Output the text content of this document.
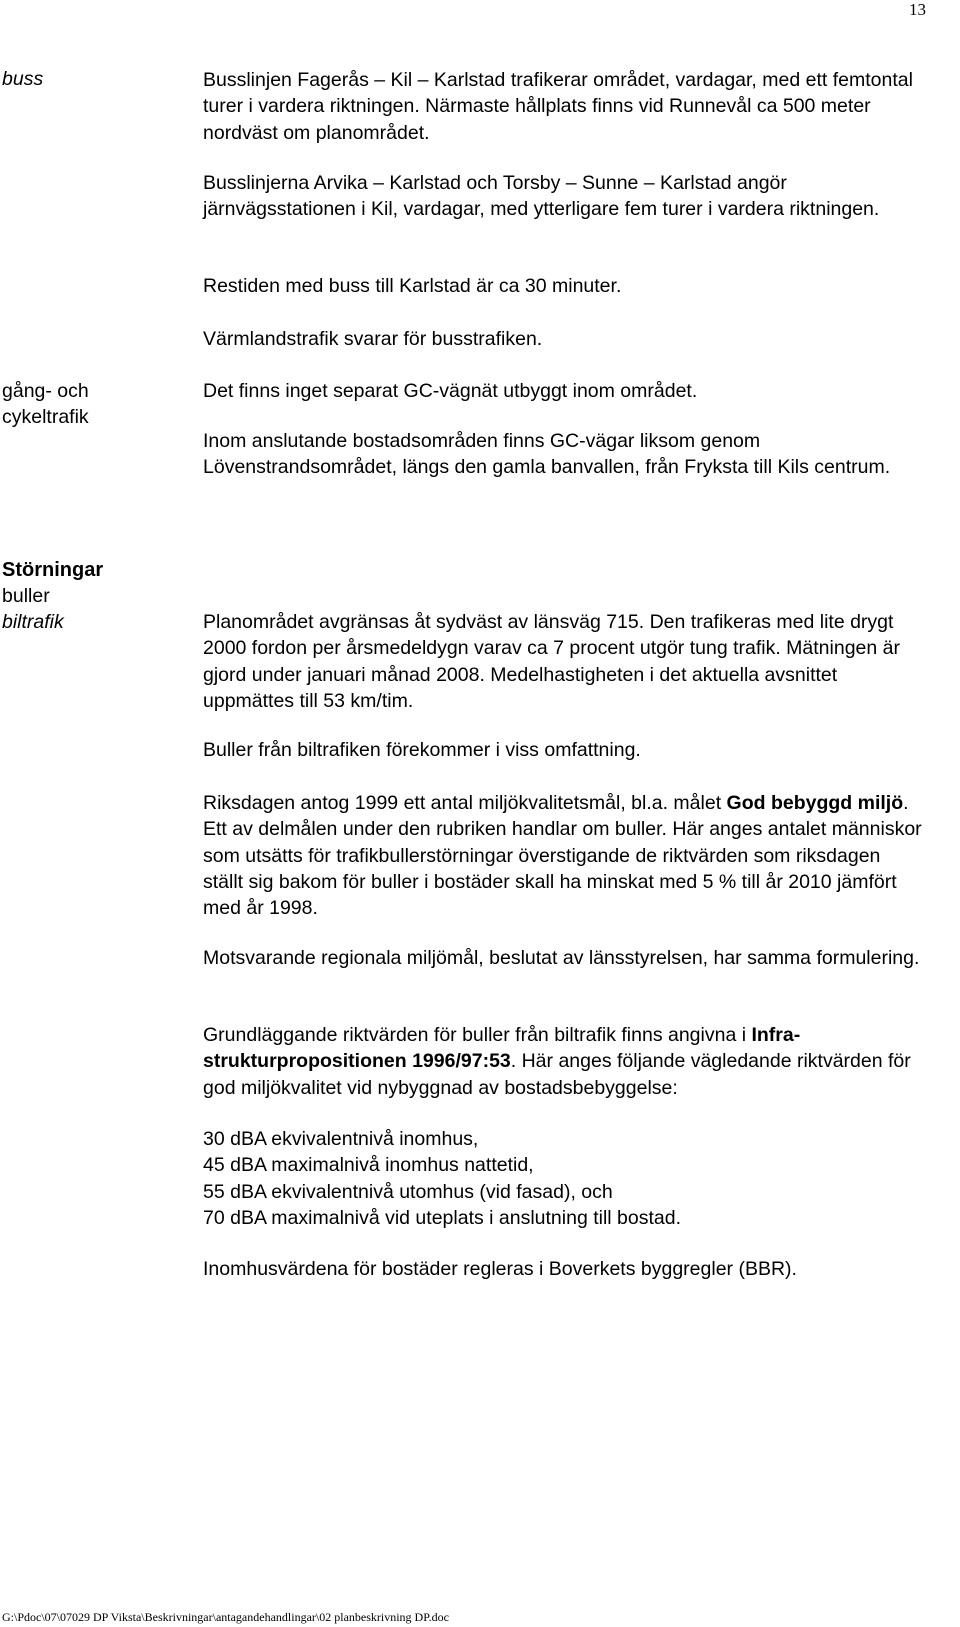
13
buss
gång- och
cykeltrafik
Störningar
buller
biltrafik

Busslinjen Fagerås – Kil – Karlstad trafikerar området, vardagar, med ett femtontal turer i vardera riktningen. Närmaste hållplats finns vid Runnevål ca 500 meter nordväst om planområdet.

Busslinjerna Arvika – Karlstad och Torsby – Sunne – Karlstad angör järnvägsstationen i Kil, vardagar, med ytterligare fem turer i vardera riktningen.

Restiden med buss till Karlstad är ca 30 minuter.

Värmlandstrafik svarar för busstrafiken.

Det finns inget separat GC-vägnät utbyggt inom området.

Inom anslutande bostadsområden finns GC-vägar liksom genom Lövenstrandsområdet, längs den gamla banvallen, från Fryksta till Kils centrum.

Planområdet avgränsas åt sydväst av länsväg 715. Den trafikeras med lite drygt 2000 fordon per årsmedeldygn varav ca 7 procent utgör tung trafik. Mätningen är gjord under januari månad 2008. Medelhastigheten i det aktuella avsnittet uppmättes till 53 km/tim.

Buller från biltrafiken förekommer i viss omfattning.

Riksdagen antog 1999 ett antal miljökvalitetsmål, bl.a. målet God bebyggd miljö. Ett av delmålen under den rubriken handlar om buller. Här anges antalet människor som utsätts för trafikbullerstörningar överstigande de riktvärden som riksdagen ställt sig bakom för buller i bostäder skall ha minskat med 5 % till år 2010 jämfört med år 1998.

Motsvarande regionala miljömål, beslutat av länsstyrelsen, har samma formulering.

Grundläggande riktvärden för buller från biltrafik finns angivna i Infrastrukturpropositionen 1996/97:53. Här anges följande vägledande riktvärden för god miljökvalitet vid nybyggnad av bostadsbebyggelse:

30 dBA ekvivalentnivå inomhus,
45 dBA maximalnivå inomhus nattetid,
55 dBA ekvivalentnivå utomhus (vid fasad), och
70 dBA maximalnivå vid uteplats i anslutning till bostad.

Inomhusvärdena för bostäder regleras i Boverkets byggregler (BBR).

G:\Pdoc\07\07029 DP Viksta\Beskrivningar\antagandehandlingar\02 planbeskrivning DP.doc
